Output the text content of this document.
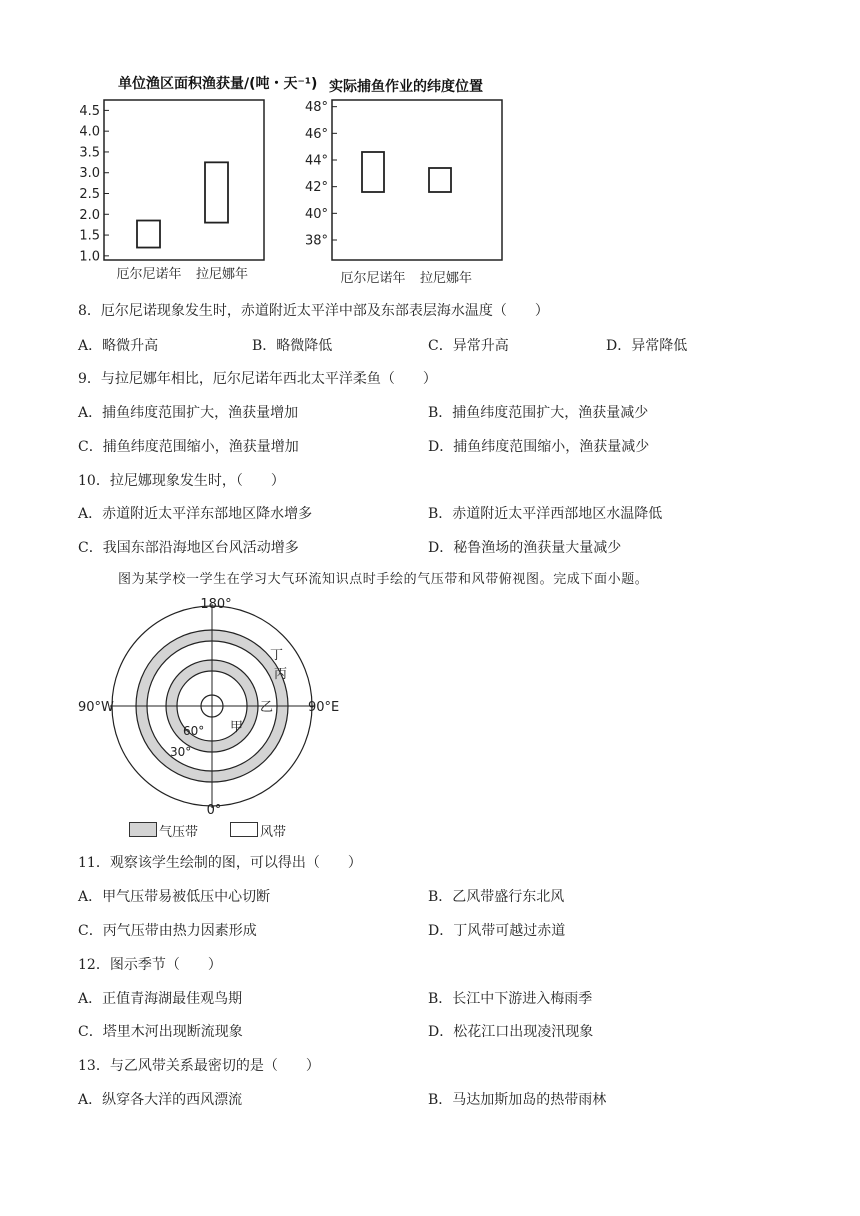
单位渔区面积渔获量/(吨・天⁻¹)
4.5
4.0
3.5
3.0
2.5
2.0
1.5
1.0
厄尔尼诺年 拉尼娜年
实际捕鱼作业的纬度位置
48°
46°
44°
42°
40°
38°
厄尔尼诺年 拉尼娜年
8．厄尔尼诺现象发生时，赤道附近太平洋中部及东部表层海水温度（　　）
A．略微升高	B．略微降低	C．异常升高	D．异常降低
9．与拉尼娜年相比，厄尔尼诺年西北太平洋柔鱼（　　）
A．捕鱼纬度范围扩大，渔获量增加	B．捕鱼纬度范围扩大，渔获量减少
C．捕鱼纬度范围缩小，渔获量增加	D．捕鱼纬度范围缩小，渔获量减少
10．拉尼娜现象发生时，（　　）
A．赤道附近太平洋东部地区降水增多	B．赤道附近太平洋西部地区水温降低
C．我国东部沿海地区台风活动增多	D．秘鲁渔场的渔获量大量减少
图为某学校一学生在学习大气环流知识点时手绘的气压带和风带俯视图。完成下面小题。
180°
0°
90°W	90°E
60°
30°
甲
乙
丙
丁
气压带	风带
11．观察该学生绘制的图，可以得出（　　）
A．甲气压带易被低压中心切断	B．乙风带盛行东北风
C．丙气压带由热力因素形成	D．丁风带可越过赤道
12．图示季节（　　）
A．正值青海湖最佳观鸟期	B．长江中下游进入梅雨季
C．塔里木河出现断流现象	D．松花江口出现凌汛现象
13．与乙风带关系最密切的是（　　）
A．纵穿各大洋的西风漂流	B．马达加斯加岛的热带雨林
